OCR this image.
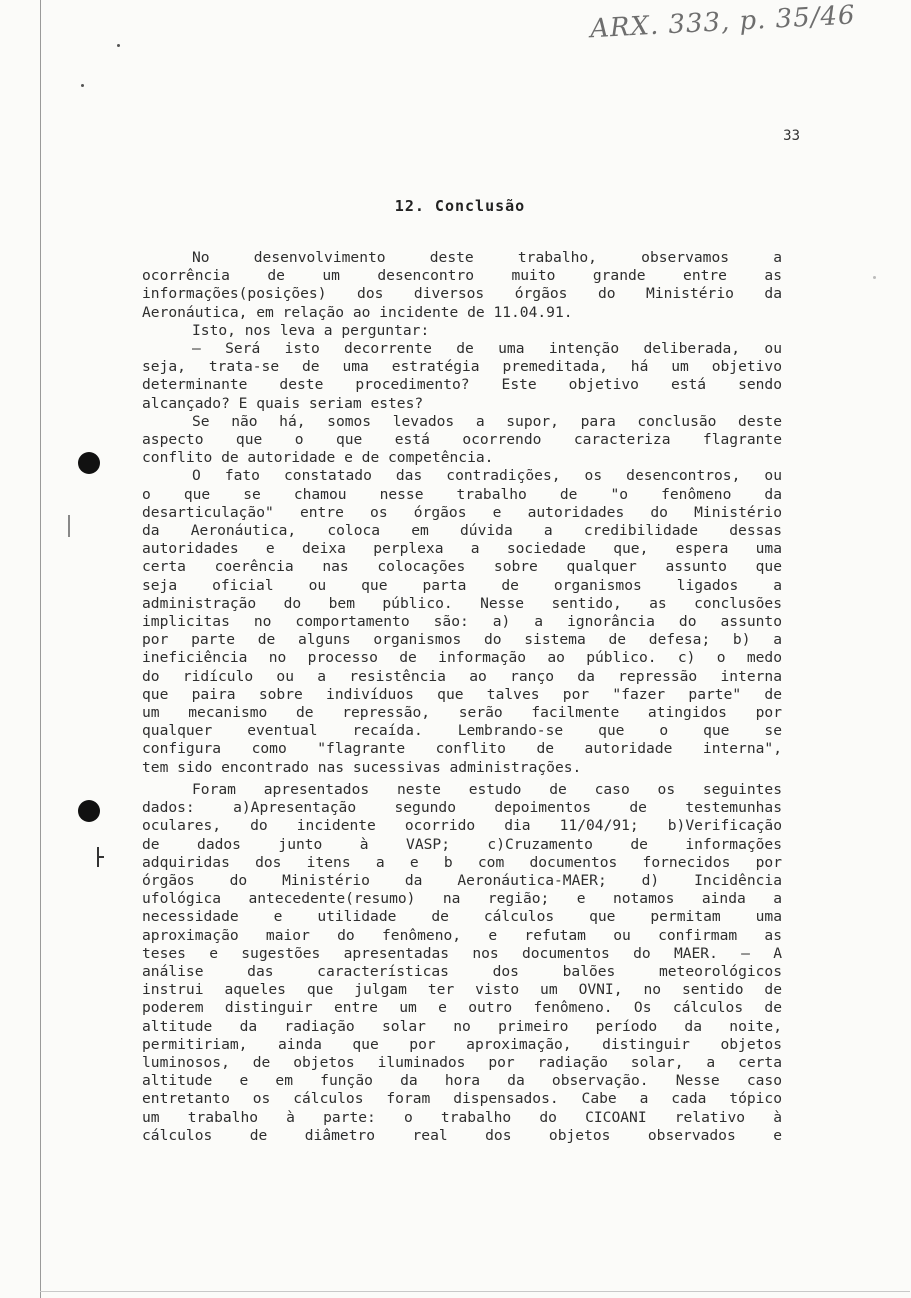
ARX. 333, p. 35/46
33
12. Conclusão

No desenvolvimento deste trabalho, observamos a
ocorrência de um desencontro muito grande entre as
informações(posições) dos diversos órgãos do Ministério da
Aeronáutica, em relação ao incidente de 11.04.91.

Isto, nos leva a perguntar:

— Será isto decorrente de uma intenção deliberada, ou
seja, trata-se de uma estratégia premeditada, há um objetivo
determinante deste procedimento? Este objetivo está sendo
alcançado? E quais seriam estes?

Se não há, somos levados a supor, para conclusão deste
aspecto que o que está ocorrendo caracteriza flagrante
conflito de autoridade e de competência.

O fato constatado das contradições, os desencontros, ou
o que se chamou nesse trabalho de "o fenômeno da
desarticulação" entre os órgãos e autoridades do Ministério
da Aeronáutica, coloca em dúvida a credibilidade dessas
autoridades e deixa perplexa a sociedade que, espera uma
certa coerência nas colocações sobre qualquer assunto que
seja oficial ou que parta de organismos ligados a
administração do bem público. Nesse sentido, as conclusões
implicitas no comportamento são: a) a ignorância do assunto
por parte de alguns organismos do sistema de defesa; b) a
ineficiência no processo de informação ao público. c) o medo
do ridículo ou a resistência ao ranço da repressão interna
que paira sobre indivíduos que talves por "fazer parte" de
um mecanismo de repressão, serão facilmente atingidos por
qualquer eventual recaída. Lembrando-se que o que se
configura como "flagrante conflito de autoridade interna",
tem sido encontrado nas sucessivas administrações.

Foram apresentados neste estudo de caso os seguintes
dados: a)Apresentação segundo depoimentos de testemunhas
oculares, do incidente ocorrido dia 11/04/91; b)Verificação
de dados junto à VASP; c)Cruzamento de informações
adquiridas dos itens a e b com documentos fornecidos por
órgãos do Ministério da Aeronáutica-MAER; d) Incidência
ufológica antecedente(resumo) na região; e notamos ainda a
necessidade e utilidade de cálculos que permitam uma
aproximação maior do fenômeno, e refutam ou confirmam as
teses e sugestões apresentadas nos documentos do MAER. — A
análise das características dos balões meteorológicos
instrui aqueles que julgam ter visto um OVNI, no sentido de
poderem distinguir entre um e outro fenômeno. Os cálculos de
altitude da radiação solar no primeiro período da noite,
permitiriam, ainda que por aproximação, distinguir objetos
luminosos, de objetos iluminados por radiação solar, a certa
altitude e em função da hora da observação. Nesse caso
entretanto os cálculos foram dispensados. Cabe a cada tópico
um trabalho à parte: o trabalho do CICOANI relativo à
cálculos de diâmetro real dos objetos observados e
